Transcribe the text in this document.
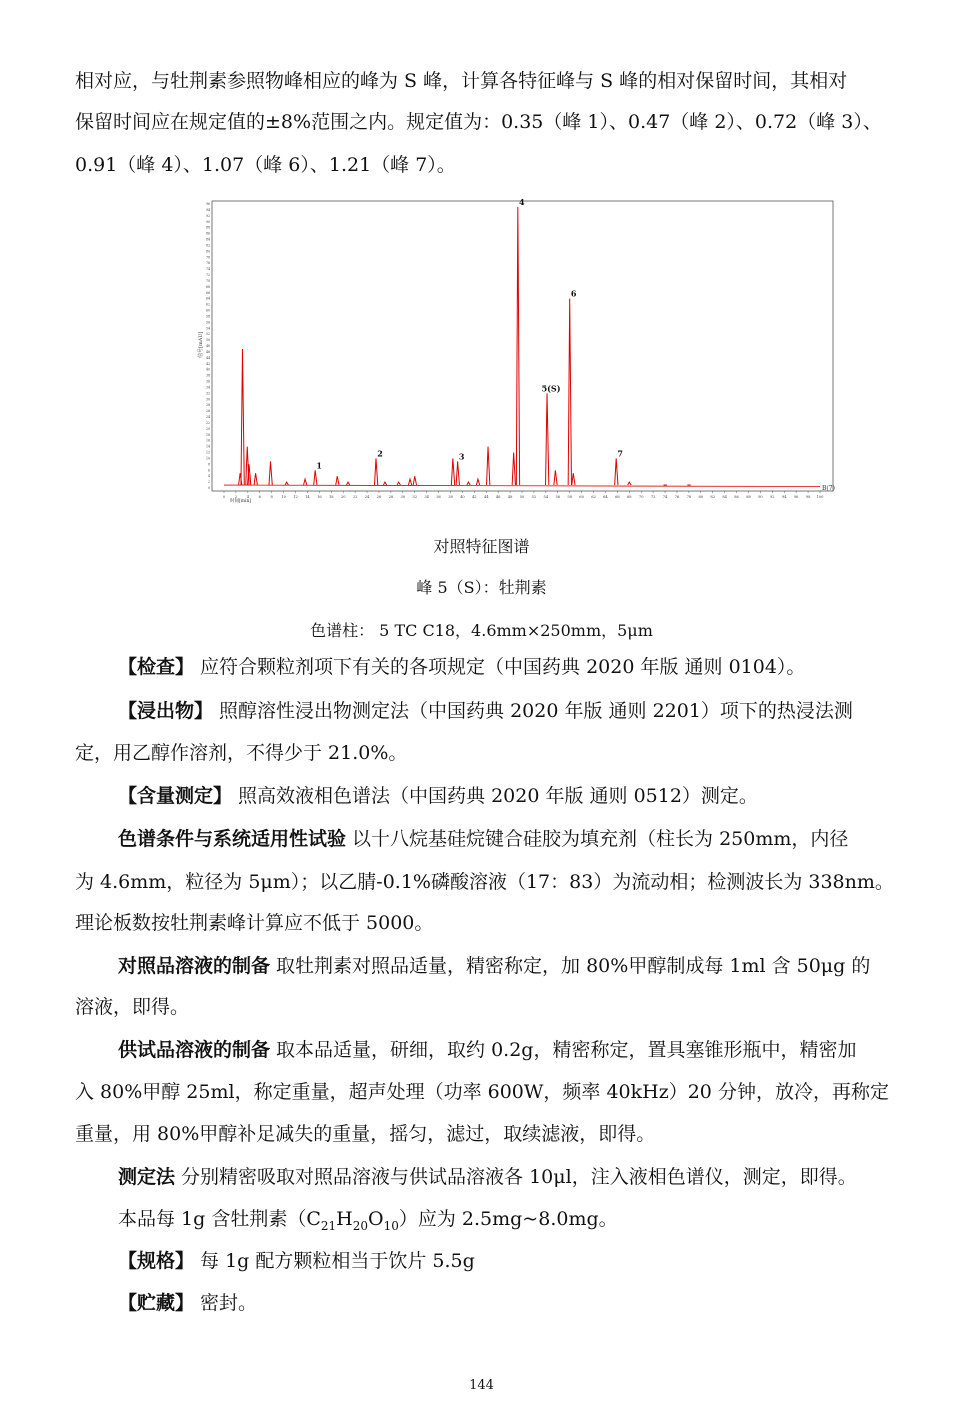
相对应，与牡荆素参照物峰相应的峰为 S 峰，计算各特征峰与 S 峰的相对保留时间，其相对
保留时间应在规定值的±8%范围之内。规定值为：0.35（峰 1）、0.47（峰 2）、0.72（峰 3）、
0.91（峰 4）、1.07（峰 6）、1.21（峰 7）。
0	2	4	6	8 10 12 14 16 18 20 22 24 26 28 30 32 34 36 38 40 42 44 46 48 50 52 54 56 58 60 62 64 66 68 70 72 74 76 78 80 82 84 86 88 90 92 94 96 98 100
0
2
4
6
8
10
12
14
16
18
20
22
24
26
28
30
32
34
36
38
40
42
44
46
48
50
52
54
56
58
60
62
64
66
68
70
72
74
76
78
80
82
84
86
88
90
92
94
96
信号[mAU]
时间[min]
1
2	3
4
5(S)
6
7
B(7)
对照特征图谱
峰 5（S）：牡荆素
色谱柱： 5 TC C18，4.6mm×250mm，5μm
【检查】 应符合颗粒剂项下有关的各项规定（中国药典 2020 年版 通则 0104）。
【浸出物】 照醇溶性浸出物测定法（中国药典 2020 年版 通则 2201）项下的热浸法测
定，用乙醇作溶剂，不得少于 21.0%。
【含量测定】 照高效液相色谱法（中国药典 2020 年版 通则 0512）测定。
色谱条件与系统适用性试验 以十八烷基硅烷键合硅胶为填充剂（柱长为 250mm，内径
为 4.6mm，粒径为 5μm）；以乙腈-0.1%磷酸溶液（17：83）为流动相；检测波长为 338nm。
理论板数按牡荆素峰计算应不低于 5000。
对照品溶液的制备 取牡荆素对照品适量，精密称定，加 80%甲醇制成每 1ml 含 50μg 的
溶液，即得。
供试品溶液的制备 取本品适量，研细，取约 0.2g，精密称定，置具塞锥形瓶中，精密加
入 80%甲醇 25ml，称定重量，超声处理（功率 600W，频率 40kHz）20 分钟，放冷，再称定
重量，用 80%甲醇补足减失的重量，摇匀，滤过，取续滤液，即得。
测定法 分别精密吸取对照品溶液与供试品溶液各 10μl，注入液相色谱仪，测定，即得。
本品每 1g 含牡荆素$(C_{21}H_{20}O_{10})$应为 2.5mg~8.0mg。
【规格】 每 1g 配方颗粒相当于饮片 5.5g
【贮藏】 密封。
144
